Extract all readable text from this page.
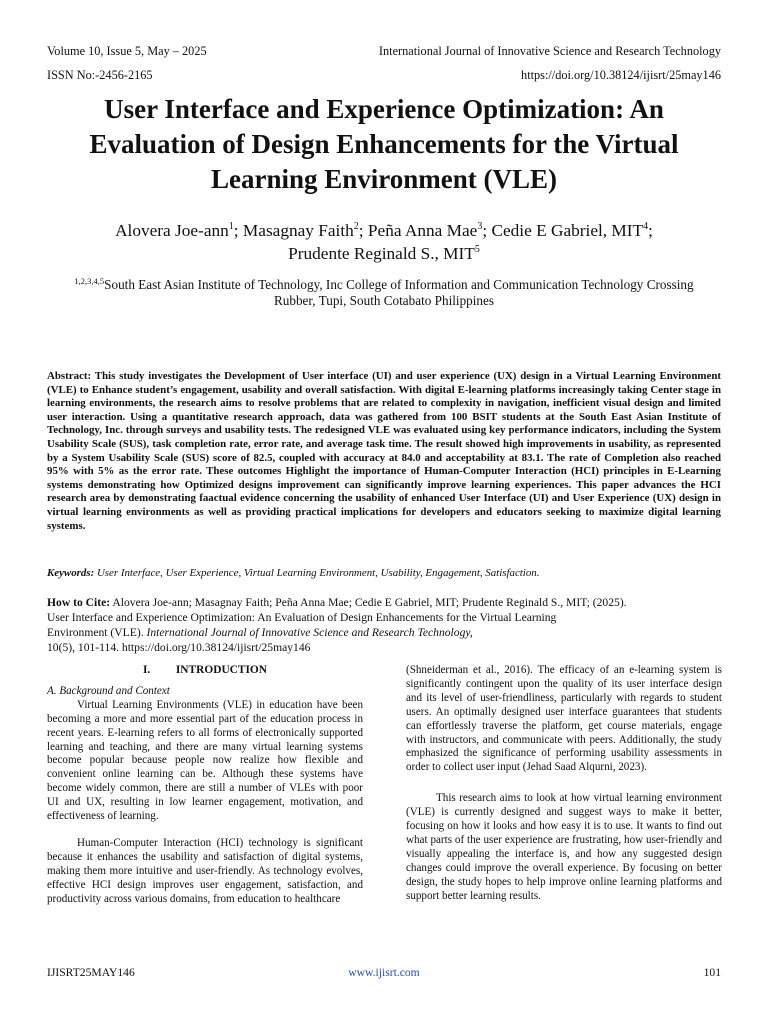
Volume 10, Issue 5, May – 2025	International Journal of Innovative Science and Research Technology
ISSN No:-2456-2165	https://doi.org/10.38124/ijisrt/25may146
User Interface and Experience Optimization: An Evaluation of Design Enhancements for the Virtual Learning Environment (VLE)
Alovera Joe-ann$^1$; Masagnay Faith$^2$; Peña Anna Mae$^3$; Cedie E Gabriel, MIT$^4$;
Prudente Reginald S., MIT$^5$
$^{1,2,3,4,5}$South East Asian Institute of Technology, Inc College of Information and Communication Technology Crossing Rubber, Tupi, South Cotabato Philippines
Abstract: This study investigates the Development of User interface (UI) and user experience (UX) design in a Virtual Learning Environment (VLE) to Enhance student’s engagement, usability and overall satisfaction. With digital E-learning platforms increasingly taking Center stage in learning environments, the research aims to resolve problems that are related to complexity in navigation, inefficient visual design and limited user interaction. Using a quantitative research approach, data was gathered from 100 BSIT students at the South East Asian Institute of Technology, Inc. through surveys and usability tests. The redesigned VLE was evaluated using key performance indicators, including the System Usability Scale (SUS), task completion rate, error rate, and average task time. The result showed high improvements in usability, as represented by a System Usability Scale (SUS) score of 82.5, coupled with accuracy at 84.0 and acceptability at 83.1. The rate of Completion also reached 95% with 5% as the error rate. These outcomes Highlight the importance of Human-Computer Interaction (HCI) principles in E-Learning systems demonstrating how Optimized designs improvement can significantly improve learning experiences. This paper advances the HCI research area by demonstrating faactual evidence concerning the usability of enhanced User Interface (UI) and User Experience (UX) design in virtual learning environments as well as providing practical implications for developers and educators seeking to maximize digital learning systems.
Keywords: User Interface, User Experience, Virtual Learning Environment, Usability, Engagement, Satisfaction.
How to Cite: Alovera Joe-ann; Masagnay Faith; Peña Anna Mae; Cedie E Gabriel, MIT; Prudente Reginald S., MIT; (2025).
User Interface and Experience Optimization: An Evaluation of Design Enhancements for the Virtual Learning
Environment (VLE). International Journal of Innovative Science and Research Technology,
10(5), 101-114. https://doi.org/10.38124/ijisrt/25may146
I.         INTRODUCTION

A. Background and Context

Virtual Learning Environments (VLE) in education have been becoming a more and more essential part of the education process in recent years. E-learning refers to all forms of electronically supported learning and teaching, and there are many virtual learning systems become popular because people now realize how flexible and convenient online learning can be. Although these systems have become widely common, there are still a number of VLEs with poor UI and UX, resulting in low learner engagement, motivation, and effectiveness of learning.

Human-Computer Interaction (HCI) technology is significant because it enhances the usability and satisfaction of digital systems, making them more intuitive and user-friendly. As technology evolves, effective HCI design improves user engagement, satisfaction, and productivity across various domains, from education to healthcare

(Shneiderman et al., 2016). The efficacy of an e-learning system is significantly contingent upon the quality of its user interface design and its level of user-friendliness, particularly with regards to student users. An optimally designed user interface guarantees that students can effortlessly traverse the platform, get course materials, engage with instructors, and communicate with peers. Additionally, the study emphasized the significance of performing usability assessments in order to collect user input (Jehad Saad Alqurni, 2023).

This research aims to look at how virtual learning environment (VLE) is currently designed and suggest ways to make it better, focusing on how it looks and how easy it is to use. It wants to find out what parts of the user experience are frustrating, how user-friendly and visually appealing the interface is, and how any suggested design changes could improve the overall experience. By focusing on better design, the study hopes to help improve online learning platforms and support better learning results.

IJISRT25MAY146	www.ijisrt.com	101
